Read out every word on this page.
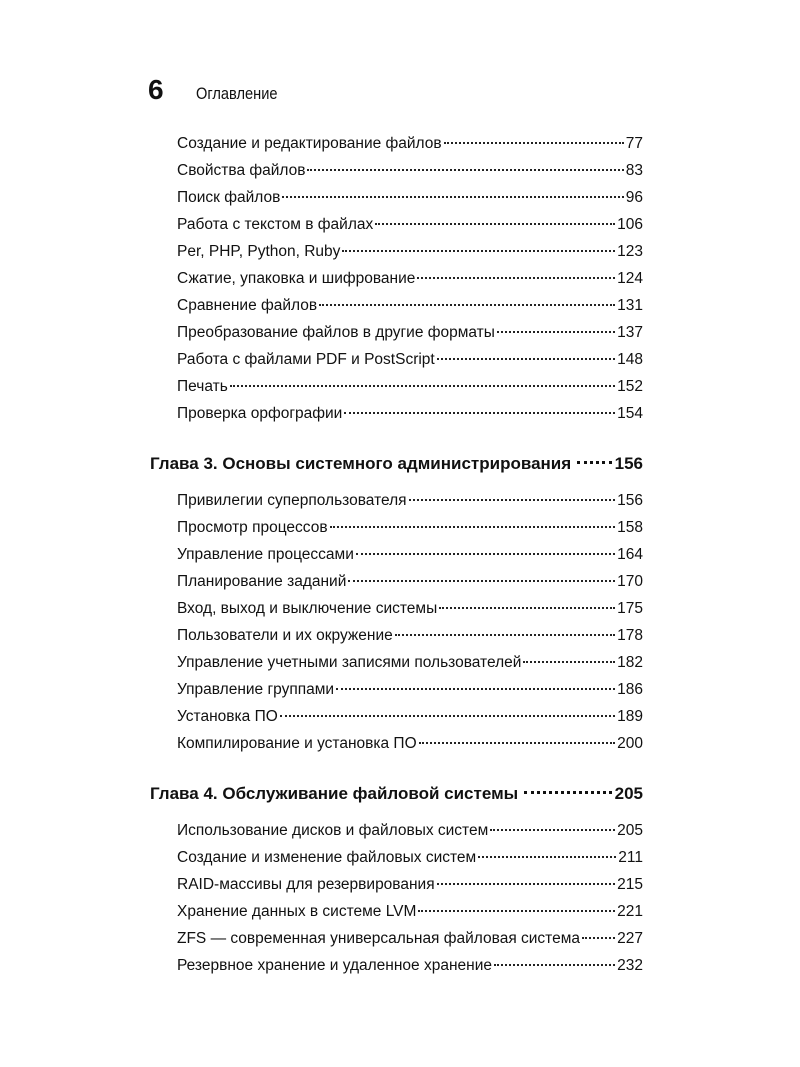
6	Оглавление
Создание и редактирование файлов	77
Свойства файлов	83
Поиск файлов	96
Работа с текстом в файлах	106
Per, PHP, Python, Ruby	123
Сжатие, упаковка и шифрование	124
Сравнение файлов	131
Преобразование файлов в другие форматы	137
Работа с файлами PDF и PostScript	148
Печать	152
Проверка орфографии	154
Глава 3. Основы системного администрирования	156
Привилегии суперпользователя	156
Просмотр процессов	158
Управление процессами	164
Планирование заданий	170
Вход, выход и выключение системы	175
Пользователи и их окружение	178
Управление учетными записями пользователей	182
Управление группами	186
Установка ПО	189
Компилирование и установка ПО	200
Глава 4. Обслуживание файловой системы	205
Использование дисков и файловых систем	205
Создание и изменение файловых систем	211
RAID-массивы для резервирования	215
Хранение данных в системе LVM	221
ZFS — современная универсальная файловая система 227
Резервное хранение и удаленное хранение	232
